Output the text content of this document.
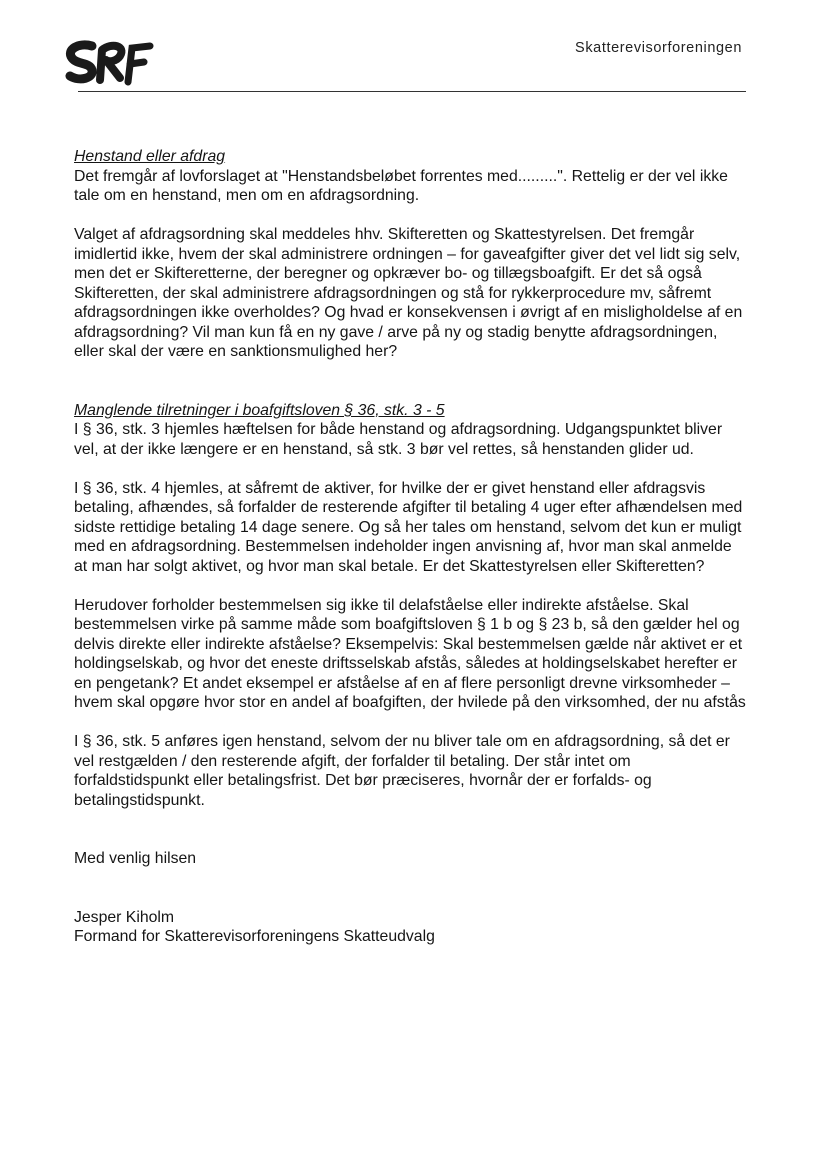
Skatterevisorforeningen

Henstand eller afdrag

Det fremgår af lovforslaget at "Henstandsbeløbet forrentes med.........". Rettelig er der vel ikke tale om en henstand, men om en afdragsordning.

Valget af afdragsordning skal meddeles hhv. Skifteretten og Skattestyrelsen. Det fremgår imidlertid ikke, hvem der skal administrere ordningen – for gaveafgifter giver det vel lidt sig selv, men det er Skifteretterne, der beregner og opkræver bo- og tillægsboafgift. Er det så også Skifteretten, der skal administrere afdragsordningen og stå for rykkerprocedure mv, såfremt afdragsordningen ikke overholdes? Og hvad er konsekvensen i øvrigt af en misligholdelse af en afdragsordning? Vil man kun få en ny gave / arve på ny og stadig benytte afdragsordningen, eller skal der være en sanktionsmulighed her?

Manglende tilretninger i boafgiftsloven § 36, stk. 3 - 5

I § 36, stk. 3 hjemles hæftelsen for både henstand og afdragsordning. Udgangspunktet bliver vel, at der ikke længere er en henstand, så stk. 3 bør vel rettes, så henstanden glider ud.

I § 36, stk. 4 hjemles, at såfremt de aktiver, for hvilke der er givet henstand eller afdragsvis betaling, afhændes, så forfalder de resterende afgifter til betaling 4 uger efter afhændelsen med sidste rettidige betaling 14 dage senere. Og så her tales om henstand, selvom det kun er muligt med en afdragsordning. Bestemmelsen indeholder ingen anvisning af, hvor man skal anmelde at man har solgt aktivet, og hvor man skal betale. Er det Skattestyrelsen eller Skifteretten?

Herudover forholder bestemmelsen sig ikke til delafståelse eller indirekte afståelse. Skal bestemmelsen virke på samme måde som boafgiftsloven § 1 b og § 23 b, så den gælder hel og delvis direkte eller indirekte afståelse? Eksempelvis: Skal bestemmelsen gælde når aktivet er et holdingselskab, og hvor det eneste driftsselskab afstås, således at holdingselskabet herefter er en pengetank? Et andet eksempel er afståelse af en af flere personligt drevne virksomheder – hvem skal opgøre hvor stor en andel af boafgiften, der hvilede på den virksomhed, der nu afstås

I § 36, stk. 5 anføres igen henstand, selvom der nu bliver tale om en afdragsordning, så det er vel restgælden / den resterende afgift, der forfalder til betaling. Der står intet om forfaldstidspunkt eller betalingsfrist. Det bør præciseres, hvornår der er forfalds- og betalingstidspunkt.

Med venlig hilsen

Jesper Kiholm

Formand for Skatterevisorforeningens Skatteudvalg
